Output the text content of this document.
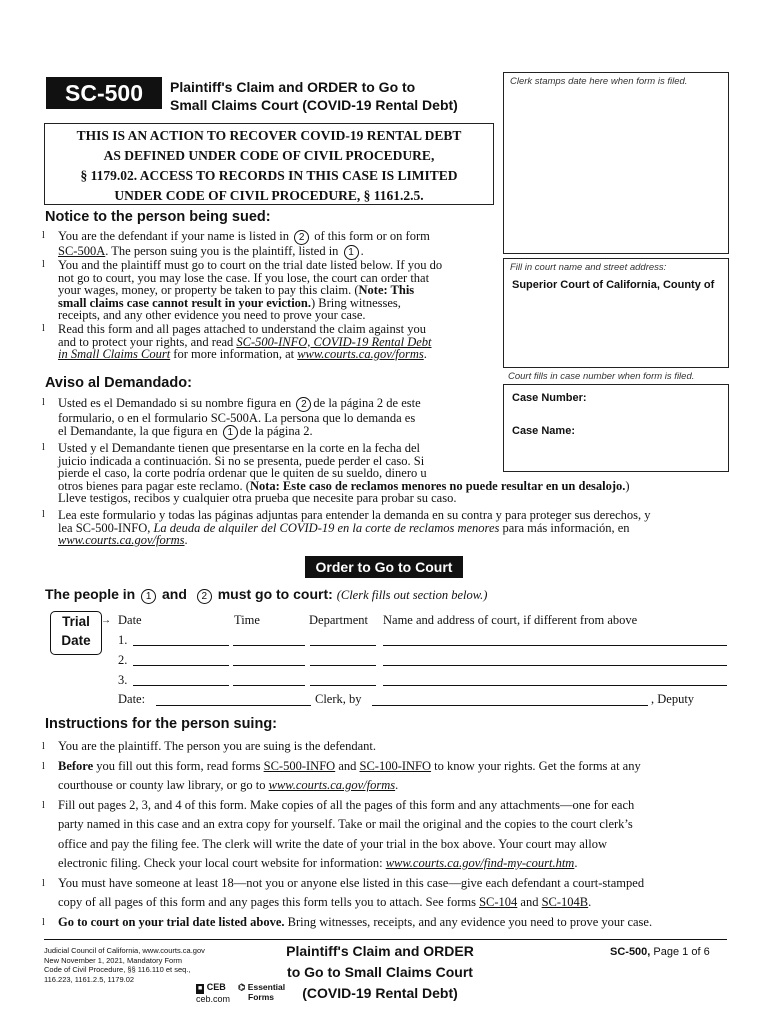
SC-500	Plaintiff's Claim and ORDER to Go to
Small Claims Court (COVID-19 Rental Debt)
THIS IS AN ACTION TO RECOVER COVID-19 RENTAL DEBT
AS DEFINED UNDER CODE OF CIVIL PROCEDURE,
§ 1179.02. ACCESS TO RECORDS IN THIS CASE IS LIMITED
UNDER CODE OF CIVIL PROCEDURE, § 1161.2.5.
Clerk stamps date here when form is filed.
Fill in court name and street address:
Superior Court of California, County of
Court fills in case number when form is filed.
Case Number:
Case Name:
Notice to the person being sued:
l You are the defendant if your name is listed in 2 of this form or on form
SC-500A. The person suing you is the plaintiff, listed in 1 .
l You and the plaintiff must go to court on the trial date listed below. If you do
not go to court, you may lose the case. If you lose, the court can order that
your wages, money, or property be taken to pay this claim. (Note: This
small claims case cannot result in your eviction.) Bring witnesses,
receipts, and any other evidence you need to prove your case.
l Read this form and all pages attached to understand the claim against you
and to protect your rights, and read SC-500-INFO, COVID-19 Rental Debt
in Small Claims Court for more information, at www.courts.ca.gov/forms.
Aviso al Demandado:
l Usted es el Demandado si su nombre figura en 2 de la página 2 de este
formulario, o en el formulario SC-500A. La persona que lo demanda es
el Demandante, la que figura en 1 de la página 2.
l Usted y el Demandante tienen que presentarse en la corte en la fecha del
juicio indicada a continuación. Si no se presenta, puede perder el caso. Si
pierde el caso, la corte podría ordenar que le quiten de su sueldo, dinero u
otros bienes para pagar este reclamo. (Nota: Este caso de reclamos menores no puede resultar en un desalojo.)
Lleve testigos, recibos y cualquier otra prueba que necesite para probar su caso.
l Lea este formulario y todas las páginas adjuntas para entender la demanda en su contra y para proteger sus derechos, y
lea SC-500-INFO, La deuda de alquiler del COVID-19 en la corte de reclamos menores para más información, en
www.courts.ca.gov/forms.
Order to Go to Court
The people in 1 and 2 must go to court: (Clerk fills out section below.)
Trial
Date
→ Date	Time	Department Name and address of court, if different from above
1.
2.
3.
Date:	Clerk, by	, Deputy
Instructions for the person suing:
l You are the plaintiff. The person you are suing is the defendant.
l Before you fill out this form, read forms SC-500-INFO and SC-100-INFO to know your rights. Get the forms at any
courthouse or county law library, or go to www.courts.ca.gov/forms.
l Fill out pages 2, 3, and 4 of this form. Make copies of all the pages of this form and any attachments—one for each
party named in this case and an extra copy for yourself. Take or mail the original and the copies to the court clerk’s
office and pay the filing fee. The clerk will write the date of your trial in the box above. Your court may allow
electronic filing. Check your local court website for information: www.courts.ca.gov/find-my-court.htm.
l You must have someone at least 18—not you or anyone else listed in this case—give each defendant a court-stamped
copy of all pages of this form and any pages this form tells you to attach. See forms SC-104 and SC-104B.
l Go to court on your trial date listed above. Bring witnesses, receipts, and any evidence you need to prove your case.
Judicial Council of California, www.courts.ca.gov
New November 1, 2021, Mandatory Form
Code of Civil Procedure, §§ 116.110 et seq.,
116.223, 1161.2.5, 1179.02
■ CEB
ceb.com
⌬ Essential
Forms
Plaintiff's Claim and ORDER
to Go to Small Claims Court
(COVID-19 Rental Debt)
SC-500, Page 1 of 6
